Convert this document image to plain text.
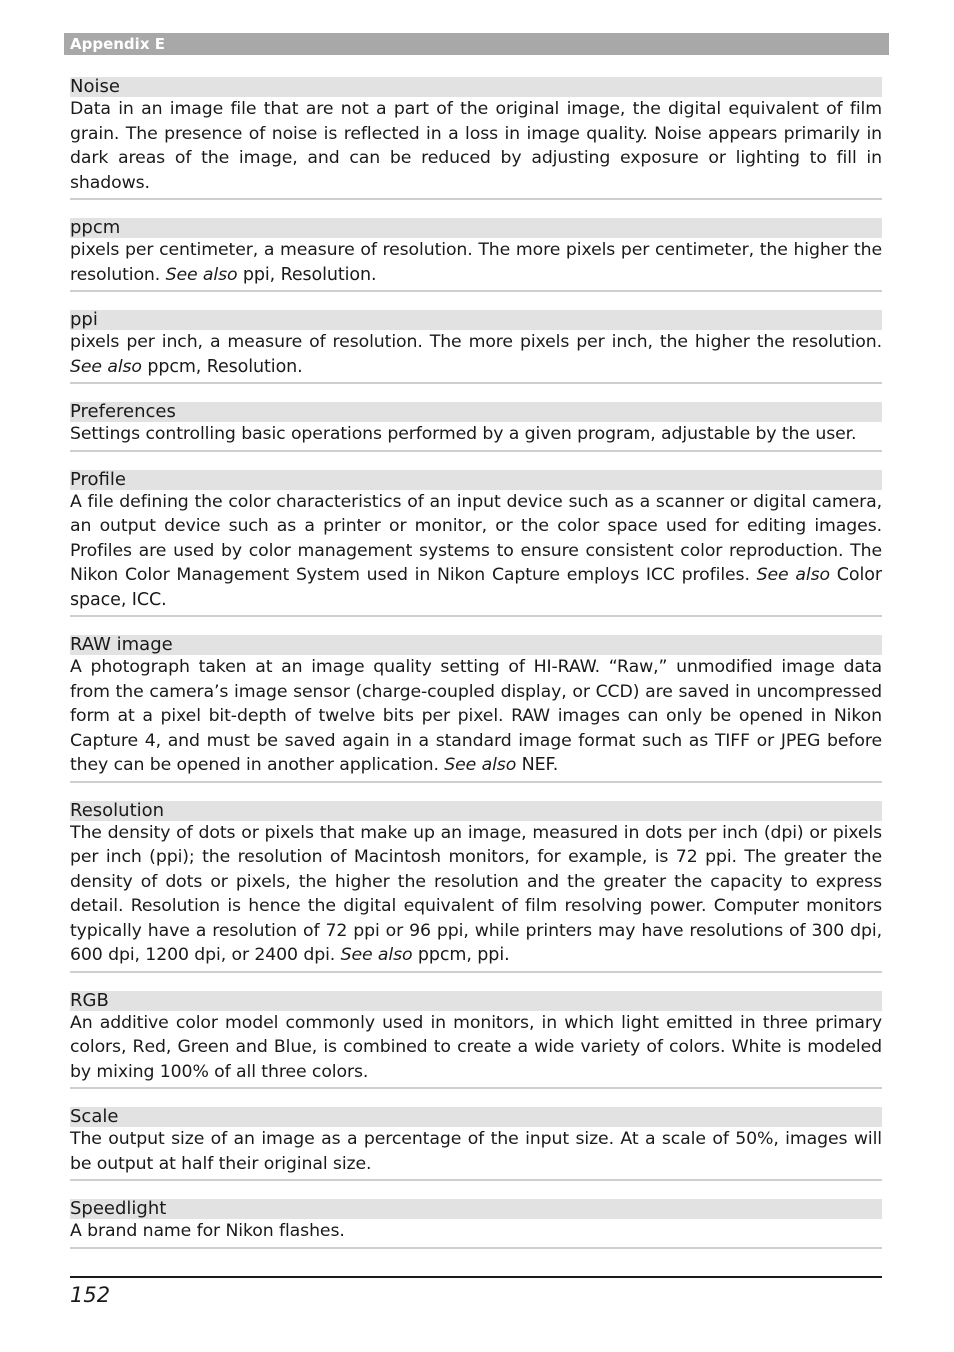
Appendix E
Noise
Data in an image file that are not a part of the original image, the digital equivalent of film grain. The presence of noise is reflected in a loss in image quality. Noise appears primarily in dark areas of the image, and can be reduced by adjusting exposure or lighting to fill in shadows.
ppcm
pixels per centimeter, a measure of resolution. The more pixels per centimeter, the higher the resolution. See also ppi, Resolution.
ppi
pixels per inch, a measure of resolution. The more pixels per inch, the higher the resolution. See also ppcm, Resolution.
Preferences
Settings controlling basic operations performed by a given program, adjustable by the user.
Profile
A file defining the color characteristics of an input device such as a scanner or digital camera, an output device such as a printer or monitor, or the color space used for editing images. Profiles are used by color management systems to ensure consistent color reproduction. The Nikon Color Management System used in Nikon Capture employs ICC profiles. See also Color space, ICC.
RAW image
A photograph taken at an image quality setting of HI-RAW. “Raw,” unmodified image data from the camera’s image sensor (charge-coupled display, or CCD) are saved in uncompressed form at a pixel bit-depth of twelve bits per pixel. RAW images can only be opened in Nikon Capture 4, and must be saved again in a standard image format such as TIFF or JPEG before they can be opened in another application. See also NEF.
Resolution
The density of dots or pixels that make up an image, measured in dots per inch (dpi) or pixels per inch (ppi); the resolution of Macintosh monitors, for example, is 72 ppi. The greater the density of dots or pixels, the higher the resolution and the greater the capacity to express detail. Resolution is hence the digital equivalent of film resolving power. Computer monitors typically have a resolution of 72 ppi or 96 ppi, while printers may have resolutions of 300 dpi, 600 dpi, 1200 dpi, or 2400 dpi. See also ppcm, ppi.
RGB
An additive color model commonly used in monitors, in which light emitted in three primary colors, Red, Green and Blue, is combined to create a wide variety of colors. White is modeled by mixing 100% of all three colors.
Scale
The output size of an image as a percentage of the input size. At a scale of 50%, images will be output at half their original size.
Speedlight
A brand name for Nikon flashes.
152
